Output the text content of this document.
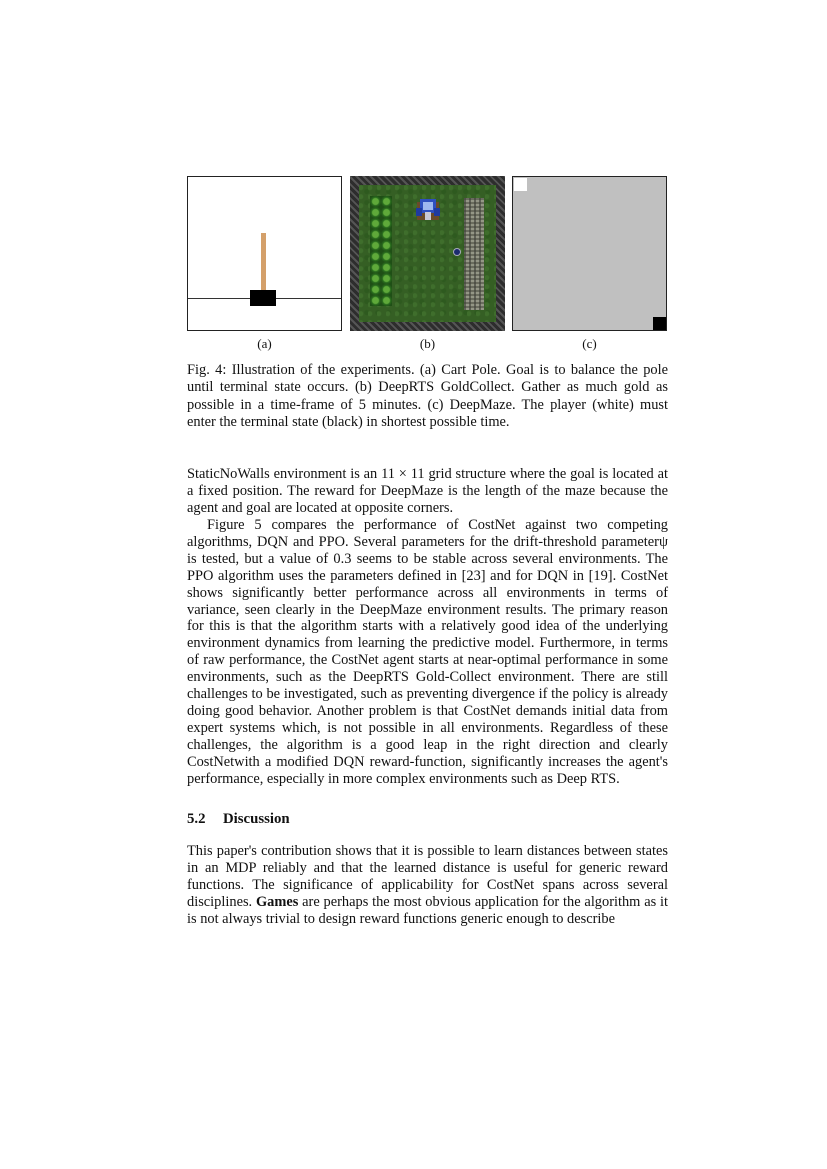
(a)	(b)	(c)
Fig. 4: Illustration of the experiments. (a) Cart Pole. Goal is to balance the pole until terminal state occurs. (b) DeepRTS GoldCollect. Gather as much gold as possible in a time-frame of 5 minutes. (c) DeepMaze. The player (white) must enter the terminal state (black) in shortest possible time.

StaticNoWalls environment is an 11 × 11 grid structure where the goal is located at a fixed position. The reward for DeepMaze is the length of the maze because the agent and goal are located at opposite corners.

Figure 5 compares the performance of CostNet against two competing algorithms, DQN and PPO. Several parameters for the drift-threshold parameterψ is tested, but a value of 0.3 seems to be stable across several environments. The PPO algorithm uses the parameters defined in [23] and for DQN in [19]. CostNet shows significantly better performance across all environments in terms of variance, seen clearly in the DeepMaze environment results. The primary reason for this is that the algorithm starts with a relatively good idea of the underlying environment dynamics from learning the predictive model. Furthermore, in terms of raw performance, the CostNet agent starts at near-optimal performance in some environments, such as the DeepRTS Gold-Collect environment. There are still challenges to be investigated, such as preventing divergence if the policy is already doing good behavior. Another problem is that CostNet demands initial data from expert systems which, is not possible in all environments. Regardless of these challenges, the algorithm is a good leap in the right direction and clearly CostNetwith a modified DQN reward-function, significantly increases the agent's performance, especially in more complex environments such as Deep RTS.

5.2 Discussion

This paper's contribution shows that it is possible to learn distances between states in an MDP reliably and that the learned distance is useful for generic reward functions. The significance of applicability for CostNet spans across several disciplines. Games are perhaps the most obvious application for the algorithm as it is not always trivial to design reward functions generic enough to describe
